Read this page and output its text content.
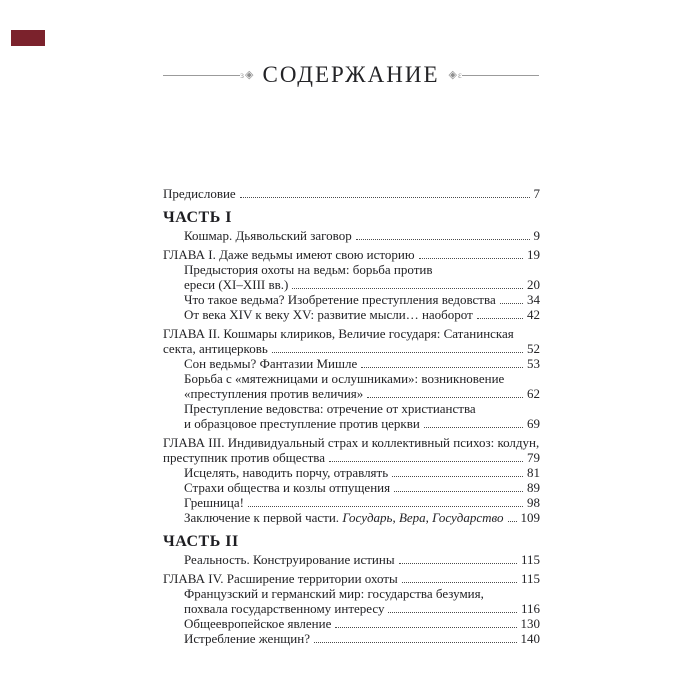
ɜ ◈ СОДЕРЖАНИЕ ◈ ɜ
Предисловие	7
ЧАСТЬ I
Кошмар. Дьявольский заговор	9
ГЛАВА I. Даже ведьмы имеют свою историю	19
Предыстория охоты на ведьм: борьба против
ереси (XI–XIII вв.)	20
Что такое ведьма? Изобретение преступления ведовства 34
От века XIV к веку XV: развитие мысли… наоборот	42
ГЛАВА II. Кошмары клириков, Величие государя: Сатанинская
секта, антицерковь	52
Сон ведьмы? Фантазии Мишле	53
Борьба с «мятежницами и ослушниками»: возникновение
«преступления против величия»	62
Преступление ведовства: отречение от христианства
и образцовое преступление против церкви	69
ГЛАВА III. Индивидуальный страх и коллективный психоз: колдун,
преступник против общества	79
Исцелять, наводить порчу, отравлять	81
Страхи общества и козлы отпущения	89
Грешница!	98
Заключение к первой части. Государь, Вера, Государство 109
ЧАСТЬ II
Реальность. Конструирование истины	115
ГЛАВА IV. Расширение территории охоты	115
Французский и германский мир: государства безумия,
похвала государственному интересу	116
Общеевропейское явление	130
Истребление женщин?	140
